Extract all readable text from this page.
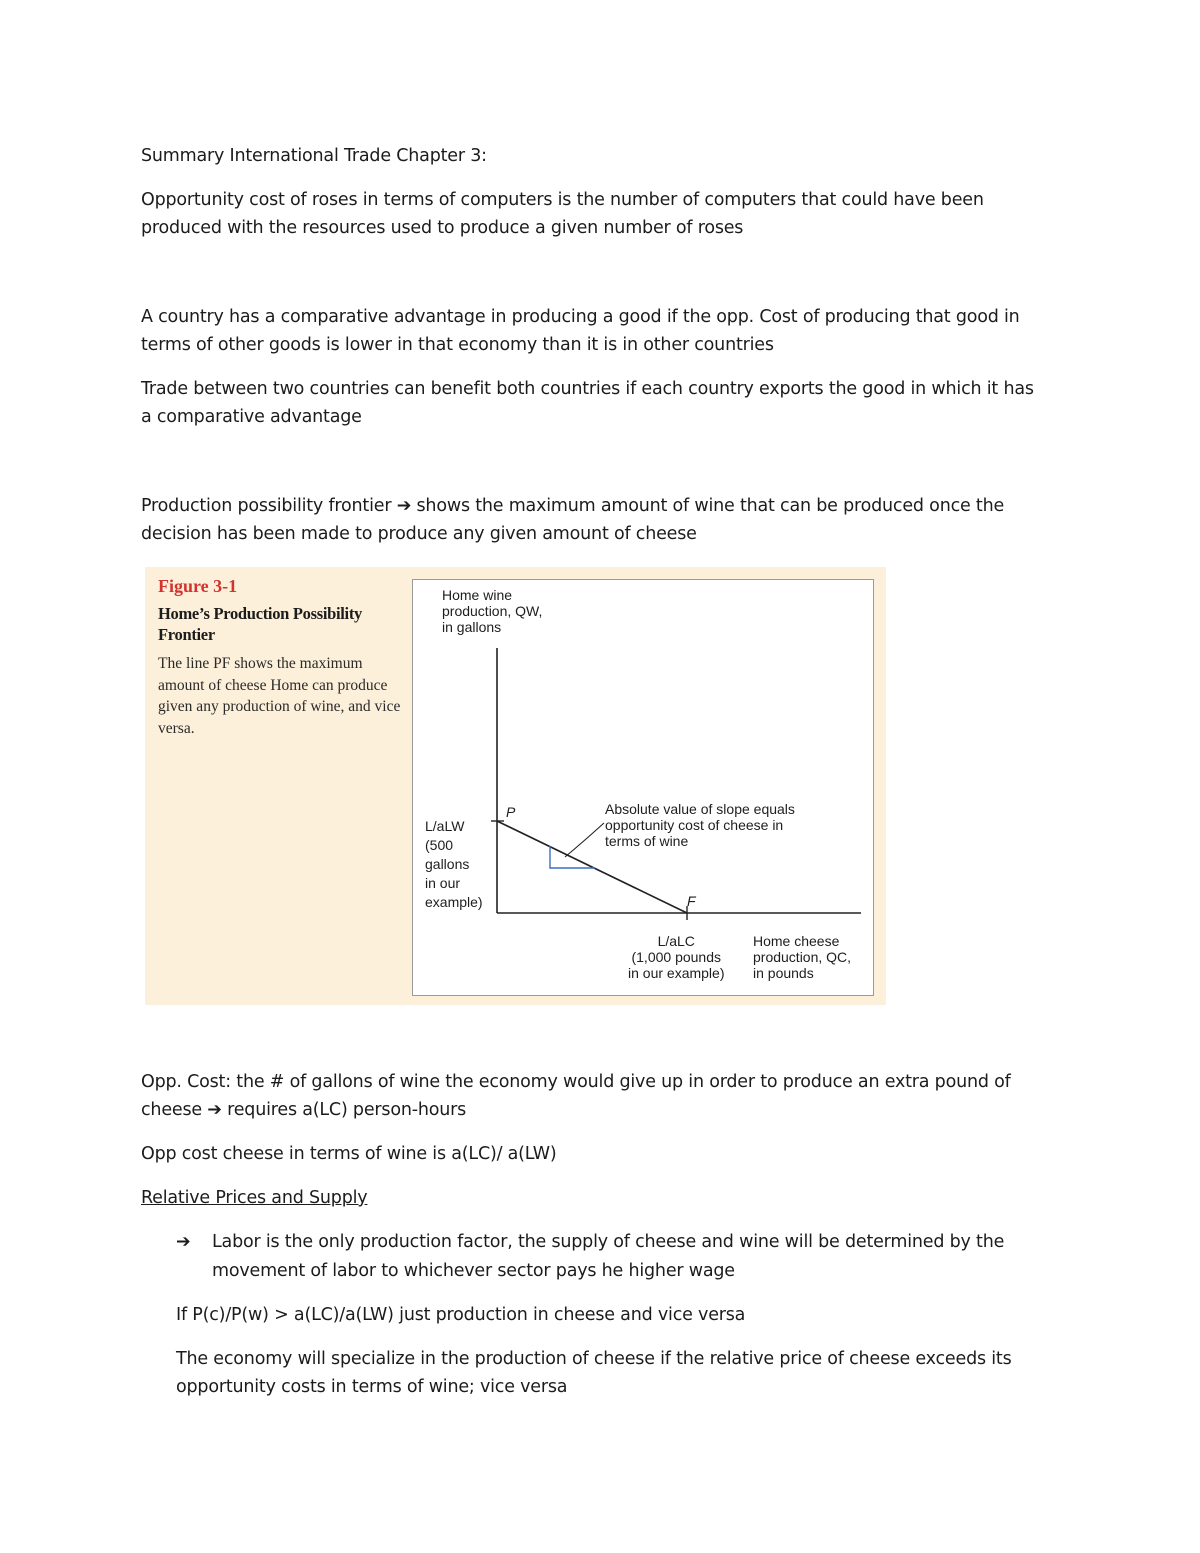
Summary International Trade Chapter 3:
Opportunity cost of roses in terms of computers is the number of computers that could have been
produced with the resources used to produce a given number of roses
A country has a comparative advantage in producing a good if the opp. Cost of producing that good in
terms of other goods is lower in that economy than it is in other countries
Trade between two countries can benefit both countries if each country exports the good in which it has
a comparative advantage
Production possibility frontier ➔ shows the maximum amount of wine that can be produced once the
decision has been made to produce any given amount of cheese
Figure 3-1
Home’s Production Possibility Frontier
The line PF shows the maximum amount of cheese Home can produce given any production of wine, and vice versa.
Home wine
production, QW,
in gallons
L/aLW
(500
gallons
in our
example)
P	Absolute value of slope equals
opportunity cost of cheese in
terms of wine
F
L/aLC
(1,000 pounds
in our example)
Home cheese
production, QC,
in pounds
Opp. Cost: the # of gallons of wine the economy would give up in order to produce an extra pound of
cheese ➔ requires a(LC) person-hours
Opp cost cheese in terms of wine is a(LC)/ a(LW)
Relative Prices and Supply
➔ Labor is the only production factor, the supply of cheese and wine will be determined by the
movement of labor to whichever sector pays he higher wage
If P(c)/P(w) > a(LC)/a(LW) just production in cheese and vice versa
The economy will specialize in the production of cheese if the relative price of cheese exceeds its
opportunity costs in terms of wine; vice versa
